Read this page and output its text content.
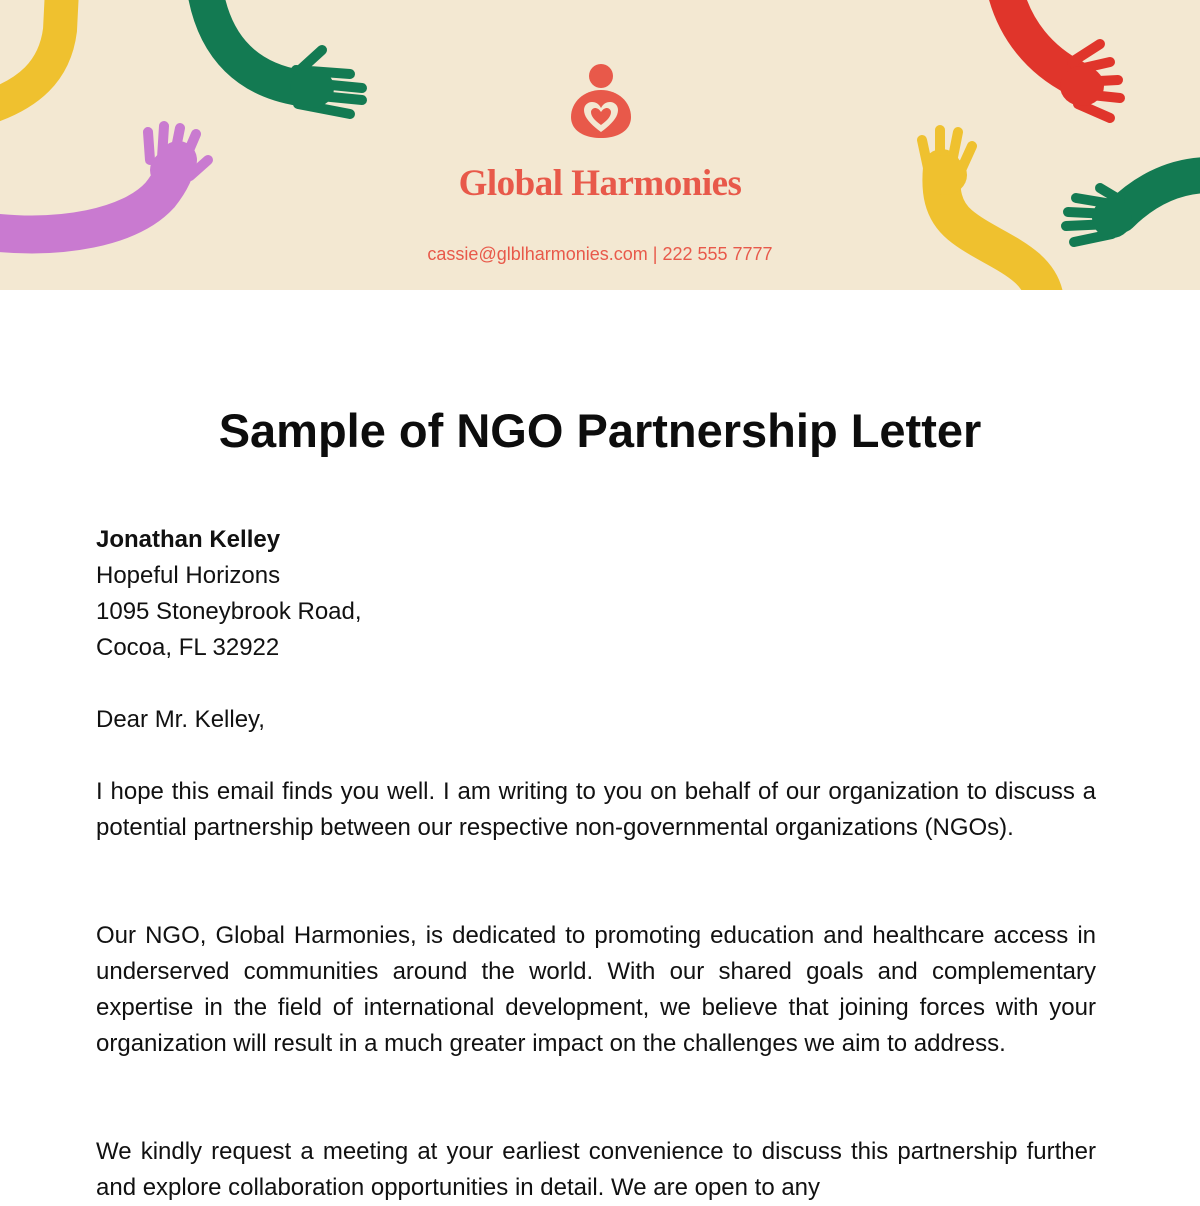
Global Harmonies
cassie@glblharmonies.com | 222 555 7777
Sample of NGO Partnership Letter
Jonathan Kelley
Hopeful Horizons
1095 Stoneybrook Road,
Cocoa, FL 32922
Dear Mr. Kelley,

I hope this email finds you well. I am writing to you on behalf of our organization to discuss a potential partnership between our respective non-governmental organizations (NGOs).

Our NGO, Global Harmonies, is dedicated to promoting education and healthcare access in underserved communities around the world. With our shared goals and complementary expertise in the field of international development, we believe that joining forces with your organization will result in a much greater impact on the challenges we aim to address.

We kindly request a meeting at your earliest convenience to discuss this partnership further and explore collaboration opportunities in detail. We are open to any
